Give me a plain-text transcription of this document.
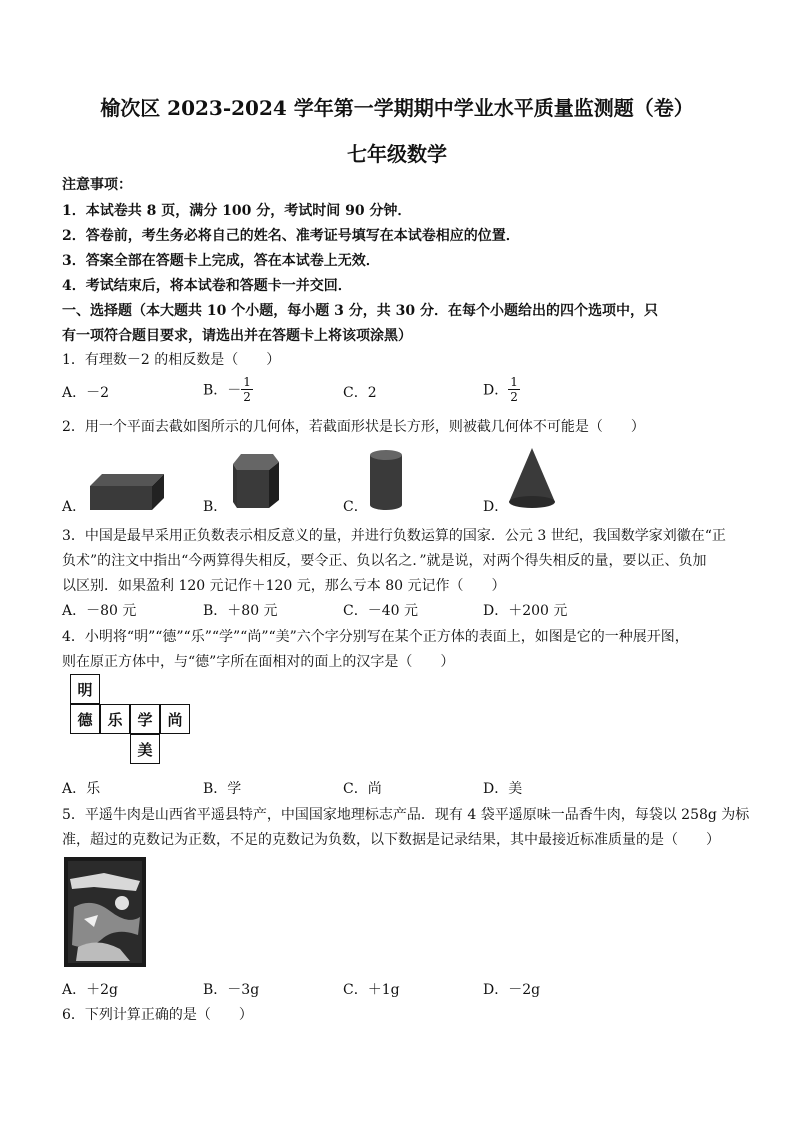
榆次区 2023-2024 学年第一学期期中学业水平质量监测题（卷）
七年级数学
注意事项：
1．本试卷共 8 页，满分 100 分，考试时间 90 分钟．
2．答卷前，考生务必将自己的姓名、准考证号填写在本试卷相应的位置．
3．答案全部在答题卡上完成，答在本试卷上无效．
4．考试结束后，将本试卷和答题卡一并交回．
一、选择题（本大题共 10 个小题，每小题 3 分，共 30 分．在每个小题给出的四个选项中，只
有一项符合题目要求，请选出并在答题卡上将该项涂黑）
1．有理数－2 的相反数是（　　）
A．－2	B．－ $\frac{1}{2}$	C．2	D． $\frac{1}{2}$
2．用一个平面去截如图所示的几何体，若截面形状是长方形，则被截几何体不可能是（　　）
A．	B．	C．	D．
3．中国是最早采用正负数表示相反意义的量，并进行负数运算的国家．公元 3 世纪，我国数学家刘徽在“正
负术”的注文中指出“今两算得失相反，要令正、负以名之．”就是说，对两个得失相反的量，要以正、负加
以区别．如果盈利 120 元记作＋120 元，那么亏本 80 元记作（　　）
A．－80 元	B．＋80 元	C．－40 元	D．＋200 元
4．小明将“明”“德”“乐”“学”“尚”“美”六个字分别写在某个正方体的表面上，如图是它的一种展开图，
则在原正方体中，与“德”字所在面相对的面上的汉字是（　　）
明
德 乐 学 尚
美
A．乐	B．学	C．尚	D．美
5．平遥牛肉是山西省平遥县特产，中国国家地理标志产品．现有 4 袋平遥原味一品香牛肉，每袋以 258g 为标
准，超过的克数记为正数，不足的克数记为负数，以下数据是记录结果，其中最接近标准质量的是（　　）
A．＋2g	B．－3g	C．＋1g	D．－2g
6．下列计算正确的是（　　）
